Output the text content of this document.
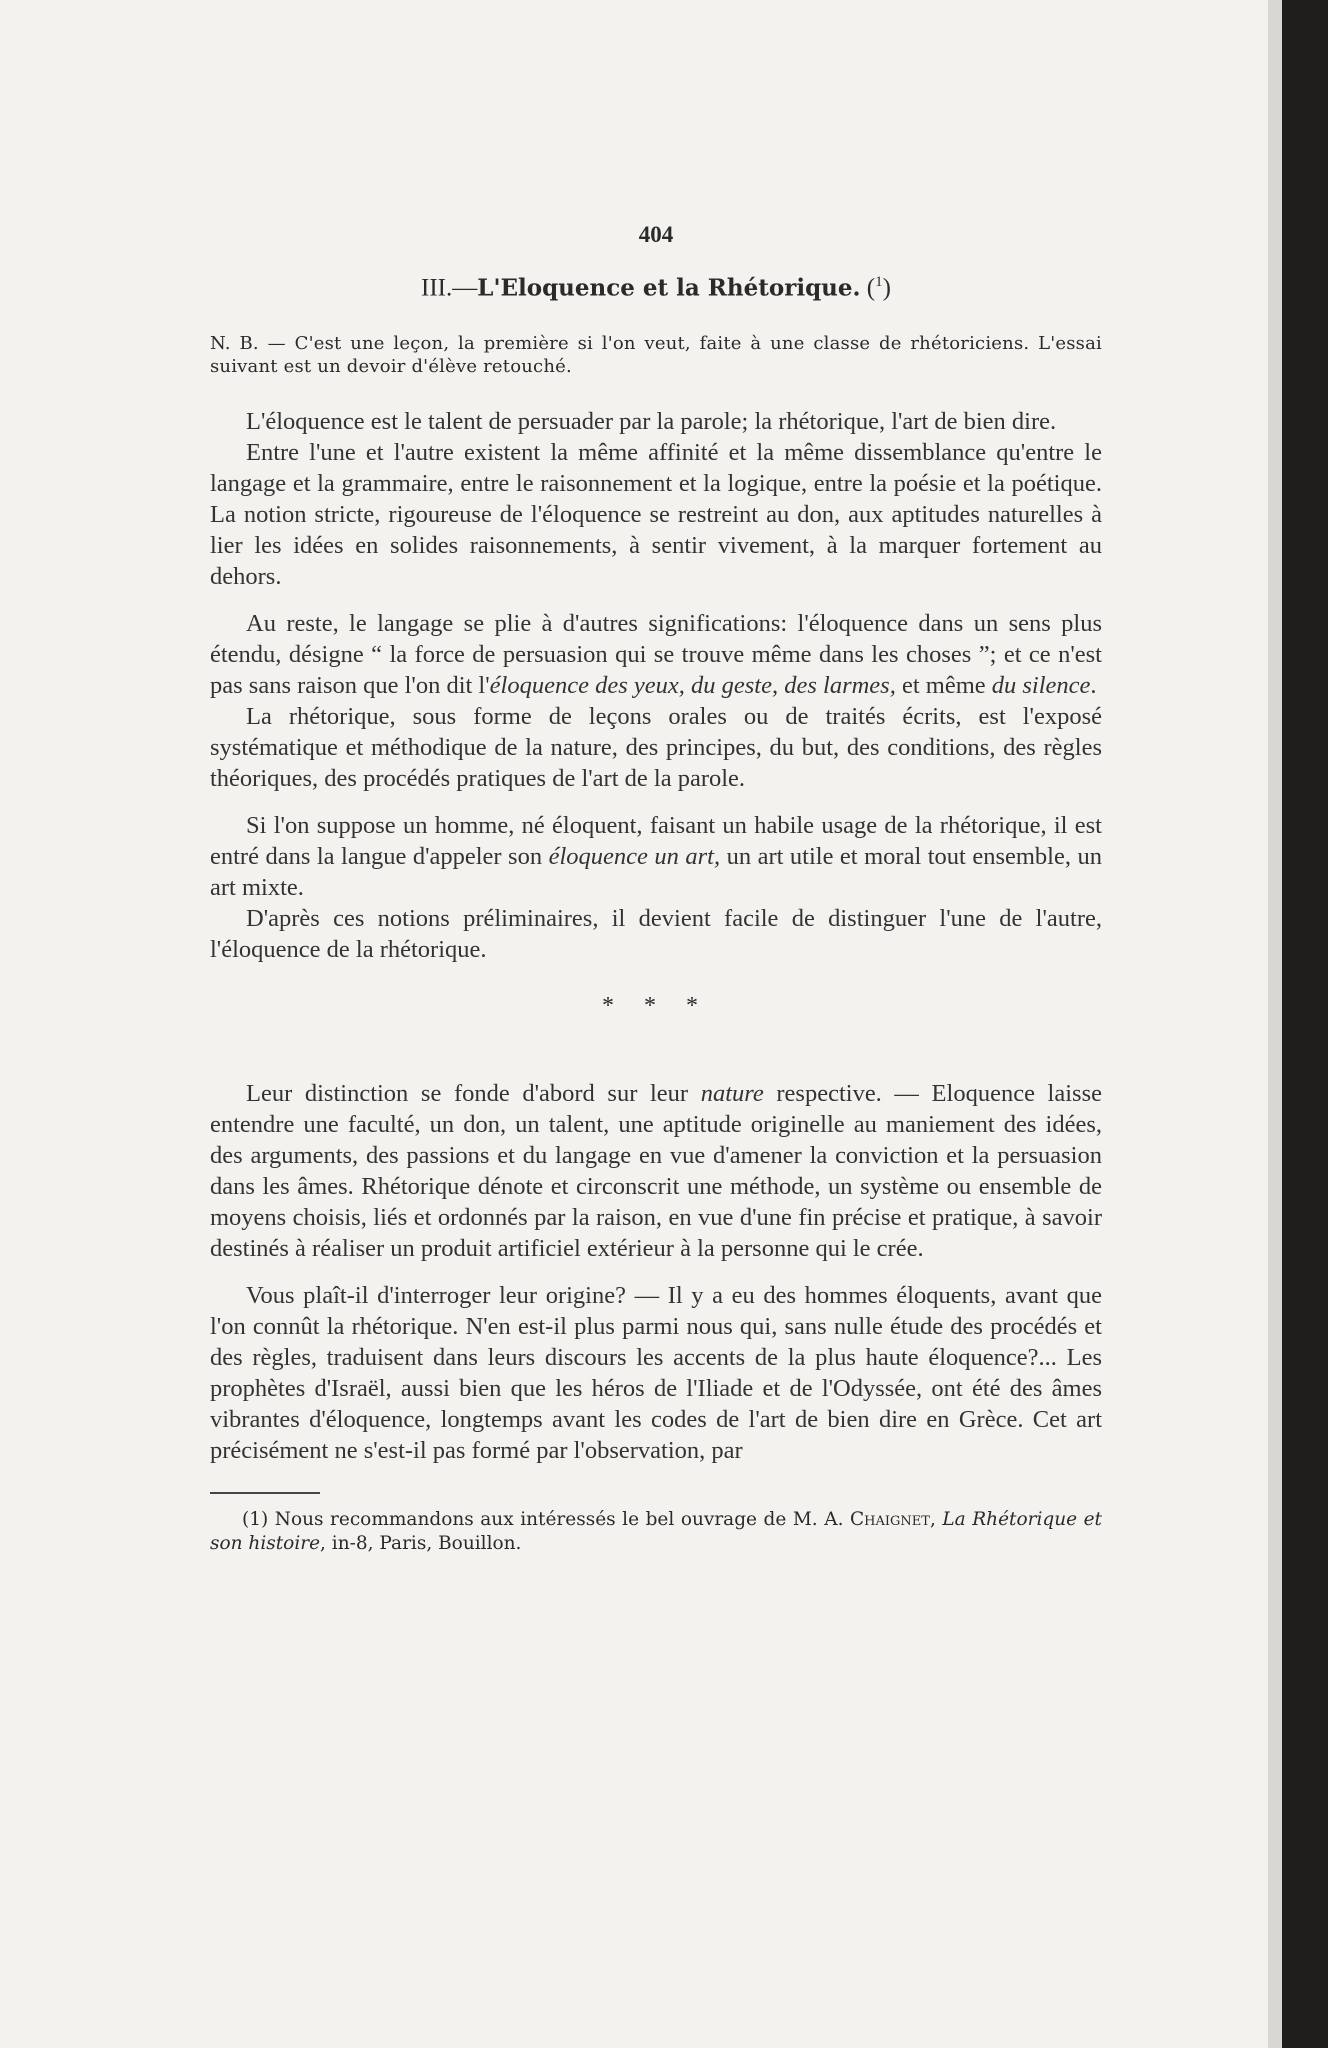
404
III.—L'Eloquence et la Rhétorique. ($^1$)

N. B. — C'est une leçon, la première si l'on veut, faite à une classe de rhétoriciens. L'essai suivant est un devoir d'élève retouché.

L'éloquence est le talent de persuader par la parole; la rhétorique, l'art de bien dire.

Entre l'une et l'autre existent la même affinité et la même dissemblance qu'entre le langage et la grammaire, entre le raisonnement et la logique, entre la poésie et la poétique. La notion stricte, rigoureuse de l'éloquence se restreint au don, aux aptitudes naturelles à lier les idées en solides raisonnements, à sentir vivement, à la marquer fortement au dehors.

Au reste, le langage se plie à d'autres significations: l'éloquence dans un sens plus étendu, désigne “ la force de persuasion qui se trouve même dans les choses ”; et ce n'est pas sans raison que l'on dit l'éloquence des yeux, du geste, des larmes, et même du silence.

La rhétorique, sous forme de leçons orales ou de traités écrits, est l'exposé systématique et méthodique de la nature, des principes, du but, des conditions, des règles théoriques, des procédés pratiques de l'art de la parole.

Si l'on suppose un homme, né éloquent, faisant un habile usage de la rhétorique, il est entré dans la langue d'appeler son éloquence un art, un art utile et moral tout ensemble, un art mixte.

D'après ces notions préliminaires, il devient facile de distinguer l'une de l'autre, l'éloquence de la rhétorique.

* * *

Leur distinction se fonde d'abord sur leur nature respective. — Eloquence laisse entendre une faculté, un don, un talent, une aptitude originelle au maniement des idées, des arguments, des passions et du langage en vue d'amener la conviction et la persuasion dans les âmes. Rhétorique dénote et circonscrit une méthode, un système ou ensemble de moyens choisis, liés et ordonnés par la raison, en vue d'une fin précise et pratique, à savoir destinés à réaliser un produit artificiel extérieur à la personne qui le crée.

Vous plaît-il d'interroger leur origine? — Il y a eu des hommes éloquents, avant que l'on connût la rhétorique. N'en est-il plus parmi nous qui, sans nulle étude des procédés et des règles, traduisent dans leurs discours les accents de la plus haute éloquence?... Les prophètes d'Israël, aussi bien que les héros de l'Iliade et de l'Odyssée, ont été des âmes vibrantes d'éloquence, longtemps avant les codes de l'art de bien dire en Grèce. Cet art précisément ne s'est-il pas formé par l'observation, par

(1) Nous recommandons aux intéressés le bel ouvrage de M. A. Chaignet, La Rhétorique et son histoire, in-8, Paris, Bouillon.
